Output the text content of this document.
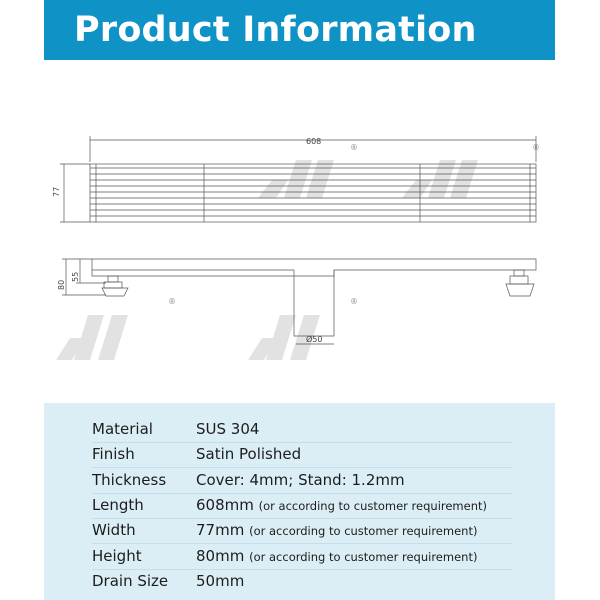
Product Information
®	®
®	®
608
77
80
55
Ø50
Material	SUS 304
Finish	Satin Polished
Thickness	Cover: 4mm; Stand: 1.2mm
Length	608mm (or according to customer requirement)
Width	77mm (or according to customer requirement)
Height	80mm (or according to customer requirement)
Drain Size	50mm
